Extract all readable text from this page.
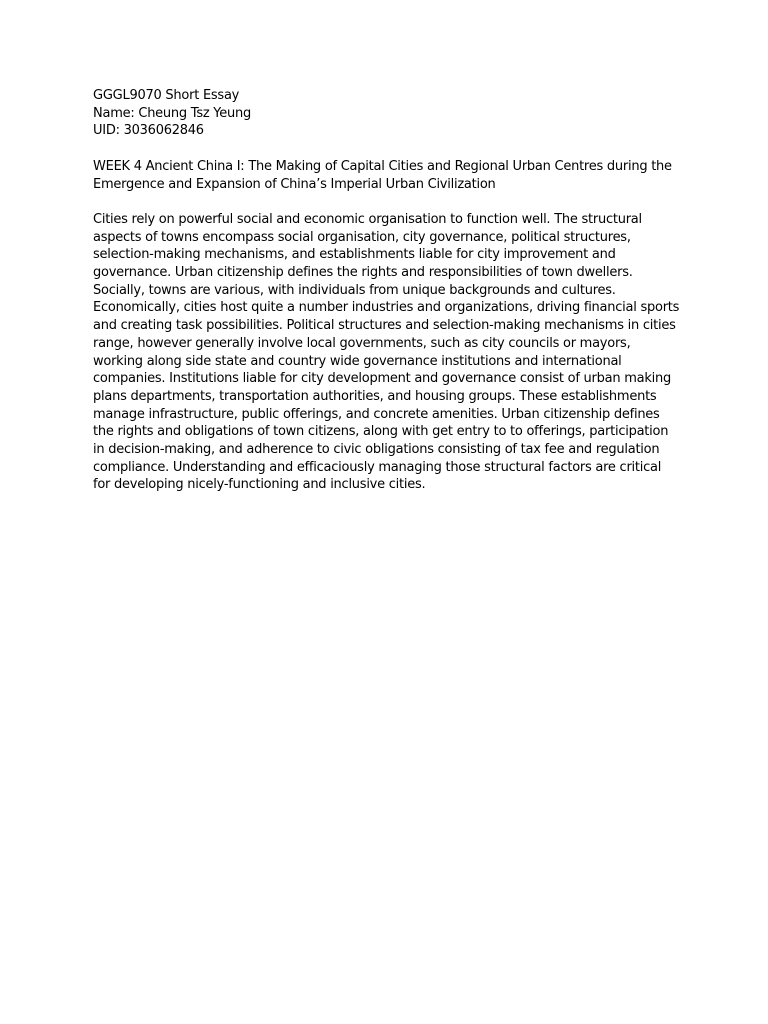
GGGL9070 Short Essay
Name: Cheung Tsz Yeung
UID: 3036062846
WEEK 4 Ancient China I: The Making of Capital Cities and Regional Urban Centres during the
Emergence and Expansion of China’s Imperial Urban Civilization
Cities rely on powerful social and economic organisation to function well. The structural
aspects of towns encompass social organisation, city governance, political structures,
selection-making mechanisms, and establishments liable for city improvement and
governance. Urban citizenship defines the rights and responsibilities of town dwellers.
Socially, towns are various, with individuals from unique backgrounds and cultures.
Economically, cities host quite a number industries and organizations, driving financial sports
and creating task possibilities. Political structures and selection-making mechanisms in cities
range, however generally involve local governments, such as city councils or mayors,
working along side state and country wide governance institutions and international
companies. Institutions liable for city development and governance consist of urban making
plans departments, transportation authorities, and housing groups. These establishments
manage infrastructure, public offerings, and concrete amenities. Urban citizenship defines
the rights and obligations of town citizens, along with get entry to to offerings, participation
in decision-making, and adherence to civic obligations consisting of tax fee and regulation
compliance. Understanding and efficaciously managing those structural factors are critical
for developing nicely-functioning and inclusive cities.
